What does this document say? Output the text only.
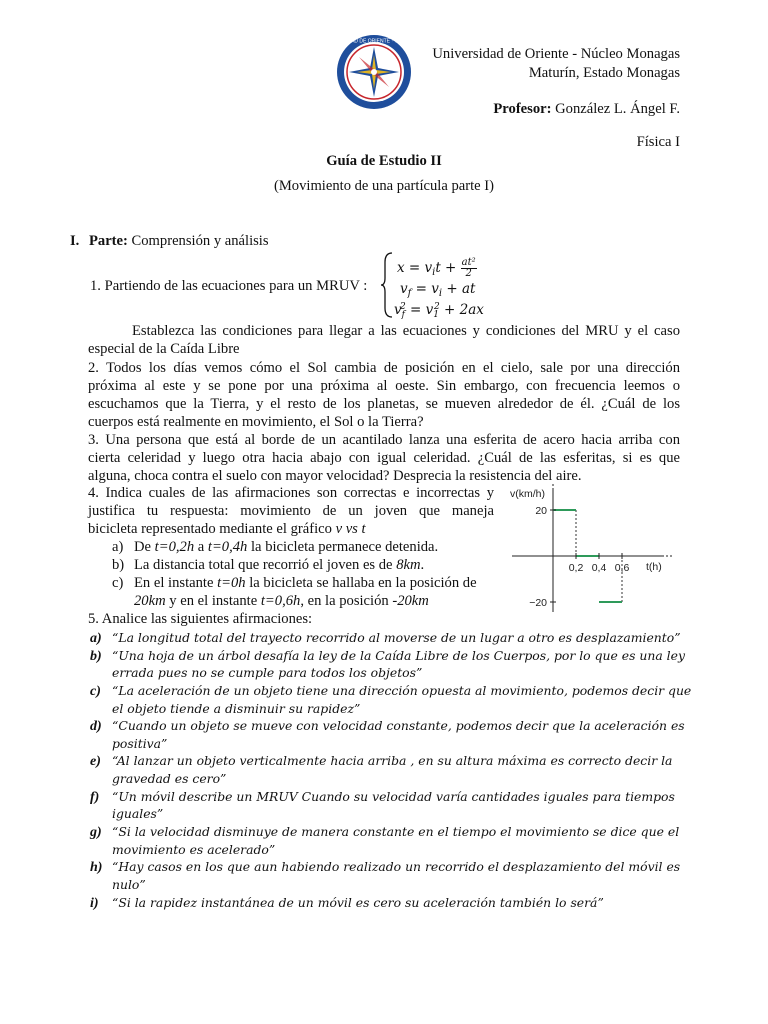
UNIVERSIDAD DE ORIENTE · VENEZUELA
Universidad de Oriente - Núcleo Monagas
Maturín, Estado Monagas
Profesor: González L. Ángel F.
Física I
Guía de Estudio II
(Movimiento de una partícula parte I)
I. Parte: Comprensión y análisis
1. Partiendo de las ecuaciones para un MRUV :
$x = v_it + \frac{\text{at²}}{2}$
$v_f = v_i$ + at
$v_f^2 = v_1^2 + 2ax$
Establezca las condiciones para llegar a las ecuaciones y condiciones del MRU y el caso
especial de la Caída Libre
2. Todos los días vemos cómo el Sol cambia de posición en el cielo, sale por una dirección
próxima al este y se pone por una próxima al oeste. Sin embargo, con frecuencia leemos o
escuchamos que la Tierra, y el resto de los planetas, se mueven alrededor de él. ¿Cuál de los
cuerpos está realmente en movimiento, el Sol o la Tierra?
3. Una persona que está al borde de un acantilado lanza una esferita de acero hacia arriba con
cierta celeridad y luego otra hacia abajo con igual celeridad. ¿Cuál de las esferitas, si es que
alguna, choca contra el suelo con mayor velocidad? Desprecia la resistencia del aire.
4. Indica cuales de las afirmaciones son correctas e incorrectas y
justifica tu respuesta: movimiento de un joven que maneja
bicicleta representado mediante el gráfico v vs t
a) De t=0,2h a t=0,4h la bicicleta permanece detenida.
b) La distancia total que recorrió el joven es de 8km.
c) En el instante t=0h la bicicleta se hallaba en la posición de
20km y en el instante t=0,6h, en la posición -20km
v(km/h)
t(h)
0,2 0,4 0,6
20
−20
5. Analice las siguientes afirmaciones:
a) “La longitud total del trayecto recorrido al moverse de un lugar a otro es desplazamiento”
b) “Una hoja de un árbol desafía la ley de la Caída Libre de los Cuerpos, por lo que es una ley
errada pues no se cumple para todos los objetos”
c) “La aceleración de un objeto tiene una dirección opuesta al movimiento, podemos decir que
el objeto tiende a disminuir su rapidez”
d) “Cuando un objeto se mueve con velocidad constante, podemos decir que la aceleración es
positiva”
e) “Al lanzar un objeto verticalmente hacia arriba , en su altura máxima es correcto decir la
gravedad es cero”
f) “Un móvil describe un MRUV Cuando su velocidad varía cantidades iguales para tiempos
iguales”
g) “Si la velocidad disminuye de manera constante en el tiempo el movimiento se dice que el
movimiento es acelerado”
h) “Hay casos en los que aun habiendo realizado un recorrido el desplazamiento del móvil es
nulo”
i) “Si la rapidez instantánea de un móvil es cero su aceleración también lo será”
